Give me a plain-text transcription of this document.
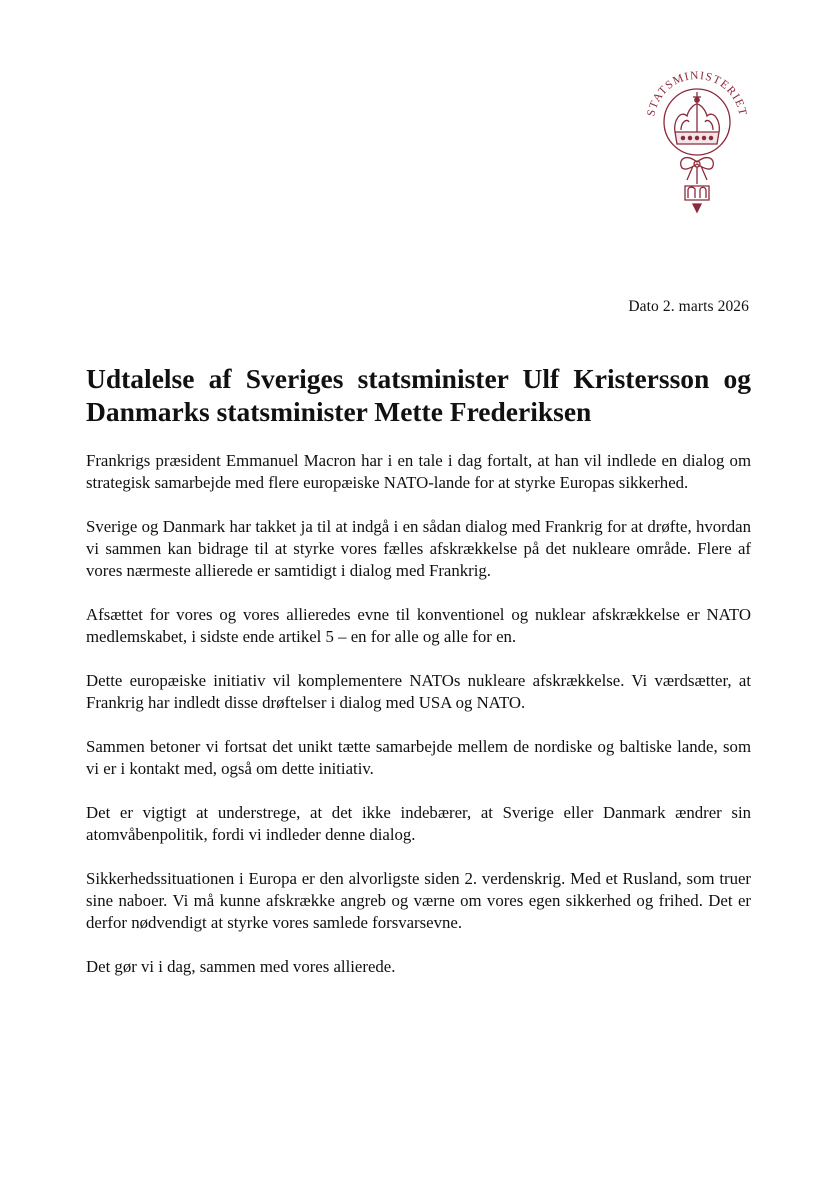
STATSMINISTERIET
Dato 2. marts 2026
Udtalelse af Sveriges statsminister Ulf Kristersson og Danmarks statsminister Mette Frederiksen

Frankrigs præsident Emmanuel Macron har i en tale i dag fortalt, at han vil indlede en dialog om strategisk samarbejde med flere europæiske NATO-lande for at styrke Europas sikkerhed.

Sverige og Danmark har takket ja til at indgå i en sådan dialog med Frankrig for at drøfte, hvordan vi sammen kan bidrage til at styrke vores fælles afskrækkelse på det nukleare område. Flere af vores nærmeste allierede er samtidigt i dialog med Frankrig.

Afsættet for vores og vores allieredes evne til konventionel og nuklear afskrækkelse er NATO medlemskabet, i sidste ende artikel 5 – en for alle og alle for en.

Dette europæiske initiativ vil komplementere NATOs nukleare afskrækkelse. Vi værdsætter, at Frankrig har indledt disse drøftelser i dialog med USA og NATO.

Sammen betoner vi fortsat det unikt tætte samarbejde mellem de nordiske og baltiske lande, som vi er i kontakt med, også om dette initiativ.

Det er vigtigt at understrege, at det ikke indebærer, at Sverige eller Danmark ændrer sin atomvåbenpolitik, fordi vi indleder denne dialog.

Sikkerhedssituationen i Europa er den alvorligste siden 2. verdenskrig. Med et Rusland, som truer sine naboer. Vi må kunne afskrække angreb og værne om vores egen sikkerhed og frihed. Det er derfor nødvendigt at styrke vores samlede forsvarsevne.

Det gør vi i dag, sammen med vores allierede.
